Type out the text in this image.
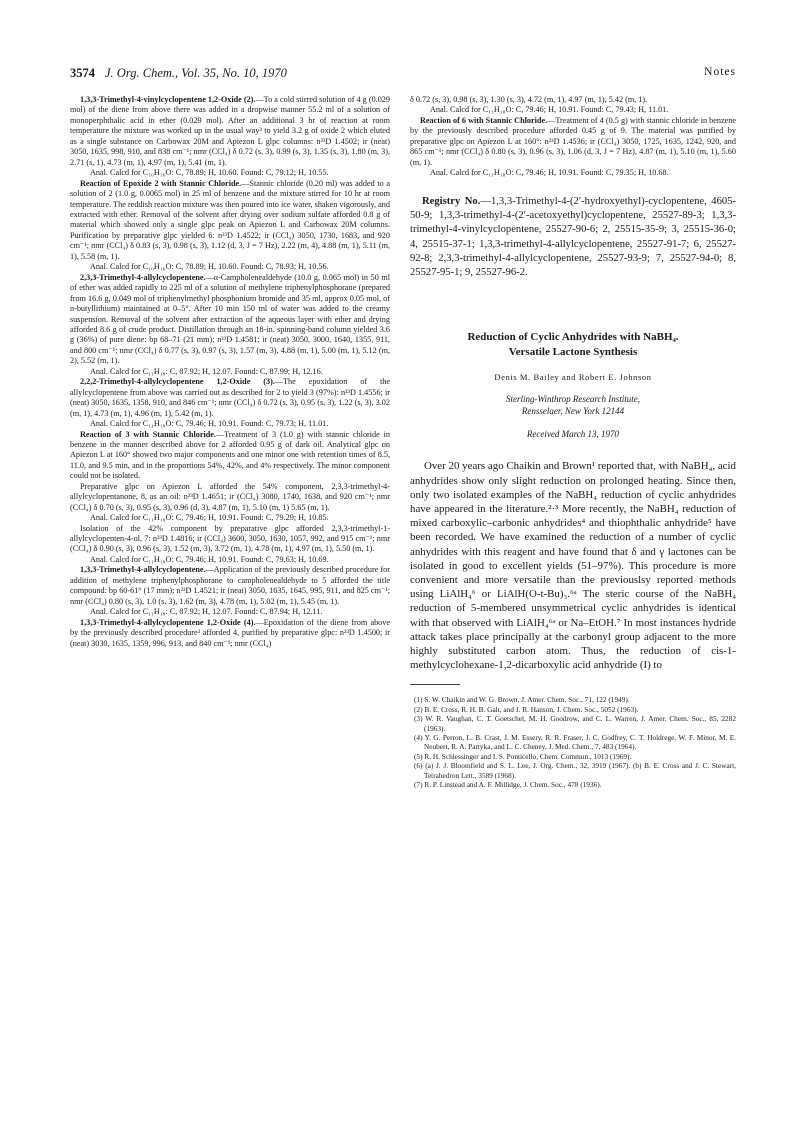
3574 J. Org. Chem., Vol. 35, No. 10, 1970	Notes

1,3,3-Trimethyl-4-vinylcyclopentene 1,2-Oxide (2).—To a cold stirred solution of 4 g (0.029 mol) of the diene from above there was added in a dropwise manner 55.2 ml of a solution of monoperphthalic acid in ether (0.029 mol). After an additional 3 hr of reaction at room temperature the mixture was worked up in the usual way³ to yield 3.2 g of oxide 2 which eluted as a single substance on Carbowax 20M and Apiezon L glpc columns: n²³D 1.4502; ir (neat) 3050, 1635, 998, 910, and 838 cm⁻¹; nmr (CCl₄) δ 0.72 (s, 3), 0.99 (s, 3), 1.35 (s, 3), 1.80 (m, 3), 2.71 (s, 1), 4.73 (m, 1), 4.97 (m, 1), 5.41 (m, 1).

Anal. Calcd for C₁₀H₁₆O: C, 78.89; H, 10.60. Found: C, 79.12; H, 10.55.

Reaction of Epoxide 2 with Stannic Chloride.—Stannic chloride (0.20 ml) was added to a solution of 2 (1.0 g, 0.0065 mol) in 25 ml of benzene and the mixture stirred for 10 hr at room temperature. The reddish reaction mixture was then poured into ice water, shaken vigorously, and extracted with ether. Removal of the solvent after drying over sodium sulfate afforded 0.8 g of material which showed only a single glpc peak on Apiezon L and Carbowax 20M columns. Purification by preparative glpc yielded 6: n²³D 1.4522; ir (CCl₄) 3050, 1730, 1683, and 920 cm⁻¹; nmr (CCl₄) δ 0.83 (s, 3), 0.98 (s, 3), 1.12 (d, 3, J = 7 Hz), 2.22 (m, 4), 4.88 (m, 1), 5.11 (m, 1), 5.58 (m, 1).

Anal. Calcd for C₁₀H₁₆O: C, 78.89; H, 10.60. Found: C, 78.93; H, 10.56.

2,3,3-Trimethyl-4-allylcyclopentene.—α-Campholenealdehyde (10.0 g, 0.065 mol) in 50 ml of ether was added rapidly to 225 ml of a solution of methylene triphenylphosphorane (prepared from 16.6 g, 0.049 mol of triphenylmethyl phosphonium bromide and 35 ml, approx 0.05 mol, of n-butyllithium) maintained at 0–5°. After 10 min 150 ml of water was added to the creamy suspension. Removal of the solvent after extraction of the aqueous layer with ether and drying afforded 8.6 g of crude product. Distillation through an 18-in. spinning-band column yielded 3.6 g (36%) of pure diene: bp 68–71 (21 mm); n²³D 1.4581; ir (neat) 3050, 3000, 1640, 1355, 911, and 800 cm⁻¹; nmr (CCl₄) δ 0.77 (s, 3), 0.97 (s, 3), 1.57 (m, 3), 4.88 (m, 1), 5.00 (m, 1), 5.12 (m, 2), 5.52 (m, 1).

Anal. Calcd for C₁₁H₁₈: C, 87.92; H, 12.07. Found: C, 87.99; H, 12.16.

2,2,2-Trimethyl-4-allylcyclopentene 1,2-Oxide (3).—The epoxidation of the allylcyclopentene from above was carried out as described for 2 to yield 3 (97%): n²³D 1.4556; ir (neat) 3050, 1635, 1358, 910, and 846 cm⁻¹; nmr (CCl₄) δ 0.72 (s, 3), 0.95 (s, 3), 1.22 (s, 3), 3.02 (m, 1), 4.73 (m, 1), 4.96 (m, 1), 5.42 (m, 1).

Anal. Calcd for C₁₁H₁₈O: C, 79.46; H, 10.91. Found: C, 79.73; H, 11.01.

Reaction of 3 with Stannic Chloride.—Treatment of 3 (1.0 g) with stannic chloride in benzene in the manner described above for 2 afforded 0.95 g of dark oil. Analytical glpc on Apiezon L at 160° showed two major components and one minor one with retention times of 8.5, 11.0, and 9.5 min, and in the proportions 54%, 42%, and 4% respectively. The minor component could not be isolated.

Preparative glpc on Apiezon L afforded the 54% component, 2,3,3-trimethyl-4-allylcyclopentanone, 8, as an oil: n²³D 1.4651; ir (CCl₄) 3080, 1740, 1638, and 920 cm⁻¹; nmr (CCl₄) δ 0.70 (s, 3), 0.95 (s, 3), 0.96 (d, 3), 4.87 (m, 1), 5.10 (m, 1) 5.65 (m, 1).

Anal. Calcd for C₁₁H₁₈O: C, 79.46; H, 10.91. Found: C, 79.29; H, 10.85.

Isolation of the 42% component by preparative glpc afforded 2,3,3-trimethyl-1-allylcyclopenten-4-ol, 7: n²³D 1.4816; ir (CCl₄) 3600, 3050, 1630, 1057, 992, and 915 cm⁻¹; nmr (CCl₄) δ 0.90 (s, 3), 0.96 (s, 3), 1.52 (m, 3), 3.72 (m, 1), 4.78 (m, 1), 4.97 (m, 1), 5.50 (m, 1).

Anal. Calcd for C₁₁H₁₈O: C, 79.46; H, 10.91. Found: C, 79.63; H, 10.69.

1,3,3-Trimethyl-4-allylcyclopentene.—Application of the previously described procedure for addition of methylene triphenylphosphorane to campholenealdehyde to 5 afforded the title compound: bp 60-61° (17 mm); n²³D 1.4521; ir (neat) 3050, 1635, 1645, 995, 911, and 825 cm⁻¹; nmr (CCl₄) 0.80 (s, 3), 1.0 (s, 3), 1.62 (m, 3), 4.78 (m, 1), 5.02 (m, 1), 5.45 (m, 1).

Anal. Calcd for C₁₁H₁₈: C, 87.92; H, 12.07. Found: C, 87.94; H, 12.11.

1,3,3-Trimethyl-4-allylcyclopentene 1,2-Oxide (4).—Epoxidation of the diene from above by the previously described procedure³ afforded 4, purified by preparative glpc: n²³D 1.4500; ir (neat) 3030, 1635, 1359, 996, 913, and 840 cm⁻¹; nmr (CCl₄)

δ 0.72 (s, 3), 0.98 (s, 3), 1.30 (s, 3), 4.72 (m, 1), 4.97 (m, 1), 5.42 (m, 1).

Anal. Calcd for C₁₁H₁₈O: C, 79.46; H, 10.91. Found: C, 79.43; H, 11.01.

Reaction of 6 with Stannic Chloride.—Treatment of 4 (0.5 g) with stannic chloride in benzene by the previously described procedure afforded 0.45 g of 9. The material was purified by preparative glpc on Apiezon L at 160°: n²³D 1.4536; ir (CCl₄) 3050, 1725, 1635, 1242, 920, and 865 cm⁻¹; nmr (CCl₄) δ 0.80 (s, 3), 0.96 (s, 3), 1.06 (d, 3, J = 7 Hz), 4.87 (m, 1), 5.10 (m, 1), 5.60 (m, 1).

Anal. Calcd for C₁₁H₁₈O: C, 79.46; H, 10.91. Found: C, 79.35; H, 10.68.

Registry No.—1,3,3-Trimethyl-4-(2′-hydroxyethyl)-cyclopentene, 4605-50-9; 1,3,3-trimethyl-4-(2′-acetoxyethyl)cyclopentene, 25527-89-3; 1,3,3-trimethyl-4-vinylcyclopentene, 25527-90-6; 2, 25515-35-9; 3, 25515-36-0; 4, 25515-37-1; 1,3,3-trimethyl-4-allylcyclopentene, 25527-91-7; 6, 25527-92-8; 2,3,3-trimethyl-4-allylcyclopentene, 25527-93-9; 7, 25527-94-0; 8, 25527-95-1; 9, 25527-96-2.

Reduction of Cyclic Anhydrides with NaBH₄.
Versatile Lactone Synthesis
Denis M. Bailey and Robert E. Johnson
Sterling-Winthrop Research Institute,
Rensselaer, New York 12144
Received March 13, 1970

Over 20 years ago Chaikin and Brown¹ reported that, with NaBH₄, acid anhydrides show only slight reduction on prolonged heating. Since then, only two isolated examples of the NaBH₄ reduction of cyclic anhydrides have appeared in the literature.²·³ More recently, the NaBH₄ reduction of mixed carboxylic–carbonic anhydrides⁴ and thiophthalic anhydride⁵ have been recorded. We have examined the reduction of a number of cyclic anhydrides with this reagent and have found that δ and γ lactones can be isolated in good to excellent yields (51–97%). This procedure is more convenient and more versatile than the previouslsy reported methods using LiAlH₄⁶ or LiAlH(O-t-Bu)₃.⁶ᵃ The steric course of the NaBH₄ reduction of 5-membered unsymmetrical cyclic anhydrides is identical with that observed with LiAlH₄⁶ᵃ or Na–EtOH.⁷ In most instances hydride attack takes place principally at the carbonyl group adjacent to the more highly substituted carbon atom. Thus, the reduction of cis-1-methylcyclohexane-1,2-dicarboxylic acid anhydride (I) to

(1) S. W. Chaikin and W. G. Brown, J. Amer. Chem. Soc., 71, 122 (1949).
(2) B. E. Cross, R. H. B. Galt, and J. R. Hanson, J. Chem. Soc., 5052 (1963).
(3) W. R. Vaughan, C. T. Goetschel, M. H. Goodrow, and C. L. Warren, J. Amer. Chem. Soc., 85, 2282 (1963).
(4) Y. G. Perron, L. B. Crast, J. M. Essery, R. R. Fraser, J. C. Godfrey, C. T. Holdrege, W. F. Minor, M. E. Neubert, R. A. Partyka, and L. C. Cheney, J. Med. Chem., 7, 483 (1964).
(5) R. H. Schlessinger and I. S. Ponticello, Chem. Commun., 1013 (1969).
(6) (a) J. J. Bloomfield and S. L. Lee, J. Org. Chem., 32, 3919 (1967). (b) B. E. Cross and J. C. Stewart, Tetrahedron Lett., 3589 (1968).
(7) R. P. Linstead and A. F. Millidge, J. Chem. Soc., 478 (1936).
